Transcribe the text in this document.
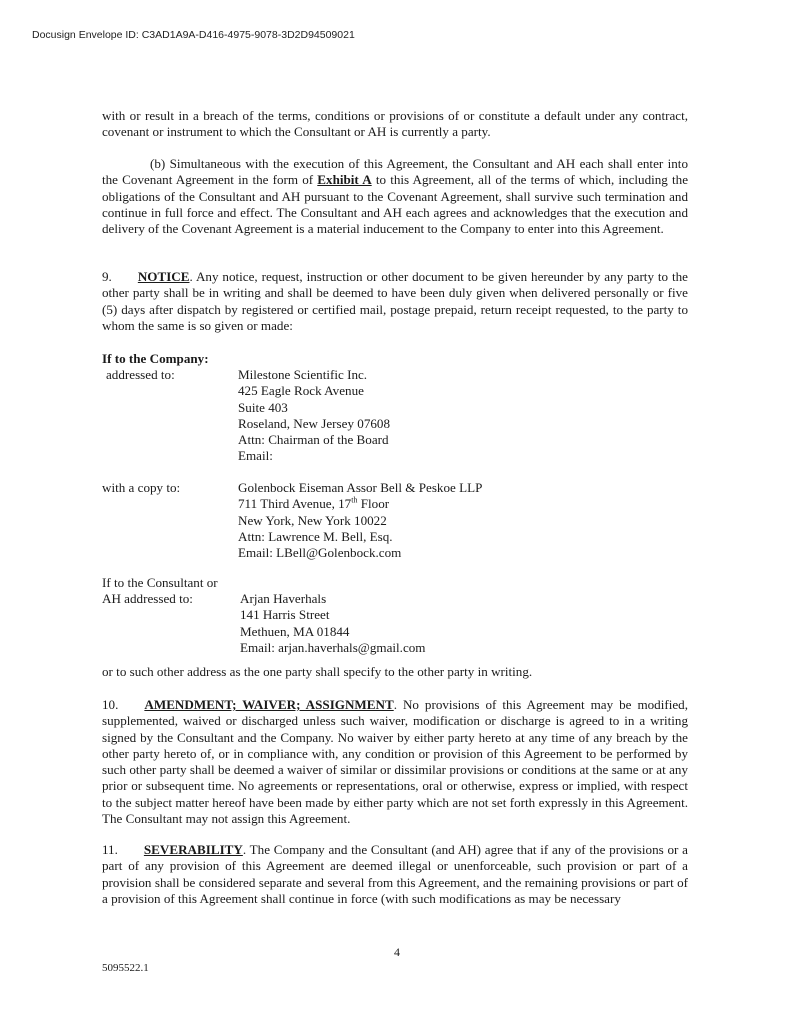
Docusign Envelope ID: C3AD1A9A-D416-4975-9078-3D2D94509021

with or result in a breach of the terms, conditions or provisions of or constitute a default under any contract, covenant or instrument to which the Consultant or AH is currently a party.

(b) Simultaneous with the execution of this Agreement, the Consultant and AH each shall enter into the Covenant Agreement in the form of Exhibit A to this Agreement, all of the terms of which, including the obligations of the Consultant and AH pursuant to the Covenant Agreement, shall survive such termination and continue in full force and effect. The Consultant and AH each agrees and acknowledges that the execution and delivery of the Covenant Agreement is a material inducement to the Company to enter into this Agreement.

9. NOTICE. Any notice, request, instruction or other document to be given hereunder by any party to the other party shall be in writing and shall be deemed to have been duly given when delivered personally or five (5) days after dispatch by registered or certified mail, postage prepaid, return receipt requested, to the party to whom the same is so given or made:

If to the Company:
addressed to:	Milestone Scientific Inc.
425 Eagle Rock Avenue
Suite 403
Roseland, New Jersey 07608
Attn: Chairman of the Board
Email:
with a copy to:	Golenbock Eiseman Assor Bell & Peskoe LLP
711 Third Avenue, 17th Floor
New York, New York 10022
Attn: Lawrence M. Bell, Esq.
Email: LBell@Golenbock.com
If to the Consultant or
AH addressed to:	Arjan Haverhals
141 Harris Street
Methuen, MA 01844
Email: arjan.haverhals@gmail.com

or to such other address as the one party shall specify to the other party in writing.

10. AMENDMENT; WAIVER; ASSIGNMENT. No provisions of this Agreement may be modified, supplemented, waived or discharged unless such waiver, modification or discharge is agreed to in a writing signed by the Consultant and the Company. No waiver by either party hereto at any time of any breach by the other party hereto of, or in compliance with, any condition or provision of this Agreement to be performed by such other party shall be deemed a waiver of similar or dissimilar provisions or conditions at the same or at any prior or subsequent time. No agreements or representations, oral or otherwise, express or implied, with respect to the subject matter hereof have been made by either party which are not set forth expressly in this Agreement. The Consultant may not assign this Agreement.

11. SEVERABILITY. The Company and the Consultant (and AH) agree that if any of the provisions or a part of any provision of this Agreement are deemed illegal or unenforceable, such provision or part of a provision shall be considered separate and several from this Agreement, and the remaining provisions or part of a provision of this Agreement shall continue in force (with such modifications as may be necessary

4
5095522.1
